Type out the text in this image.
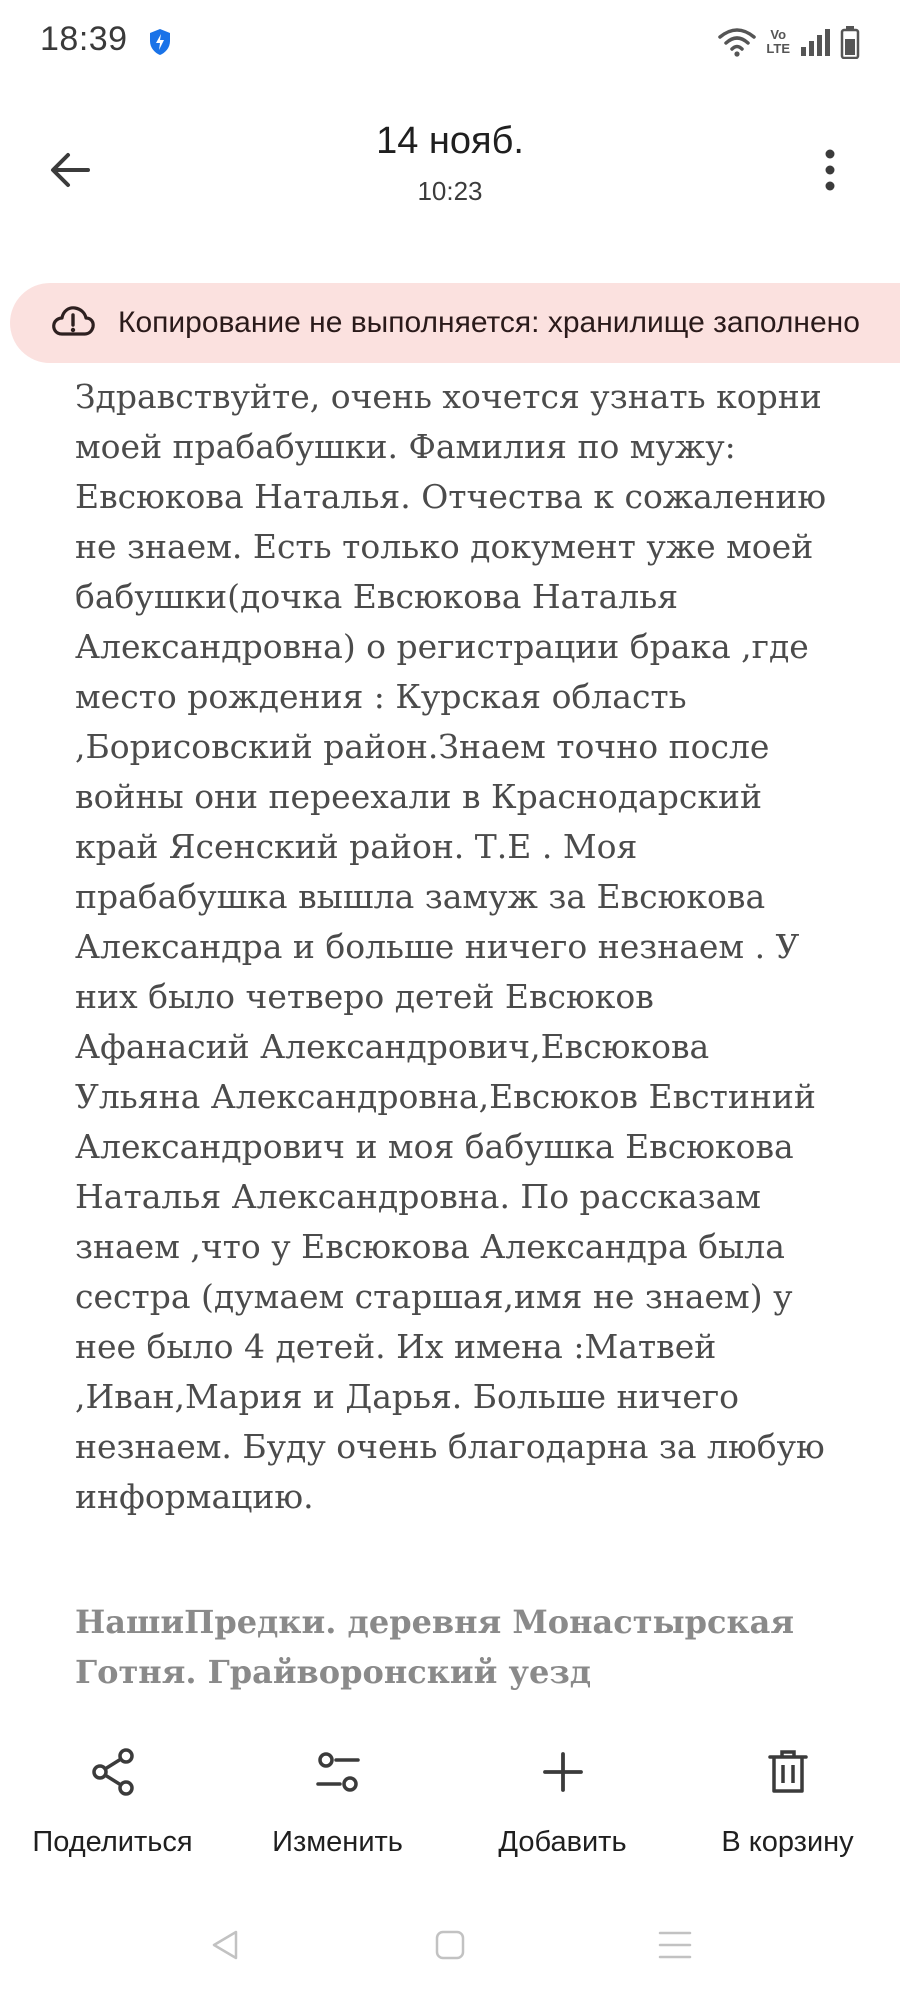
18:39	Vo
LTE
14 нояб.
10:23
Копирование не выполняется: хранилище заполнено

Здравствуйте, очень хочется узнать корни моей прабабушки. Фамилия по мужу: Евсюкова Наталья. Отчества к сожалению не знаем. Есть только документ уже моей бабушки(дочка Евсюкова Наталья Александровна) о регистрации брака ,где место рождения : Курская область ,Борисовский район.Знаем точно после войны они переехали в Краснодарский край Ясенский район. Т.Е . Моя прабабушка вышла замуж за Евсюкова Александра и больше ничего незнаем . У них было четверо детей Евсюков Афанасий Александрович,Евсюкова Ульяна Александровна,Евсюков Евстиний Александрович и моя бабушка Евсюкова Наталья Александровна. По рассказам знаем ,что у Евсюкова Александра была сестра (думаем старшая,имя не знаем) у нее было 4 детей. Их имена :Матвей ,Иван,Мария и Дарья. Больше ничего незнаем. Буду очень благодарна за любую информацию.

НашиПредки. деревня Монастырская Готня. Грайворонский уезд

Поделиться	Изменить	Добавить	В корзину
